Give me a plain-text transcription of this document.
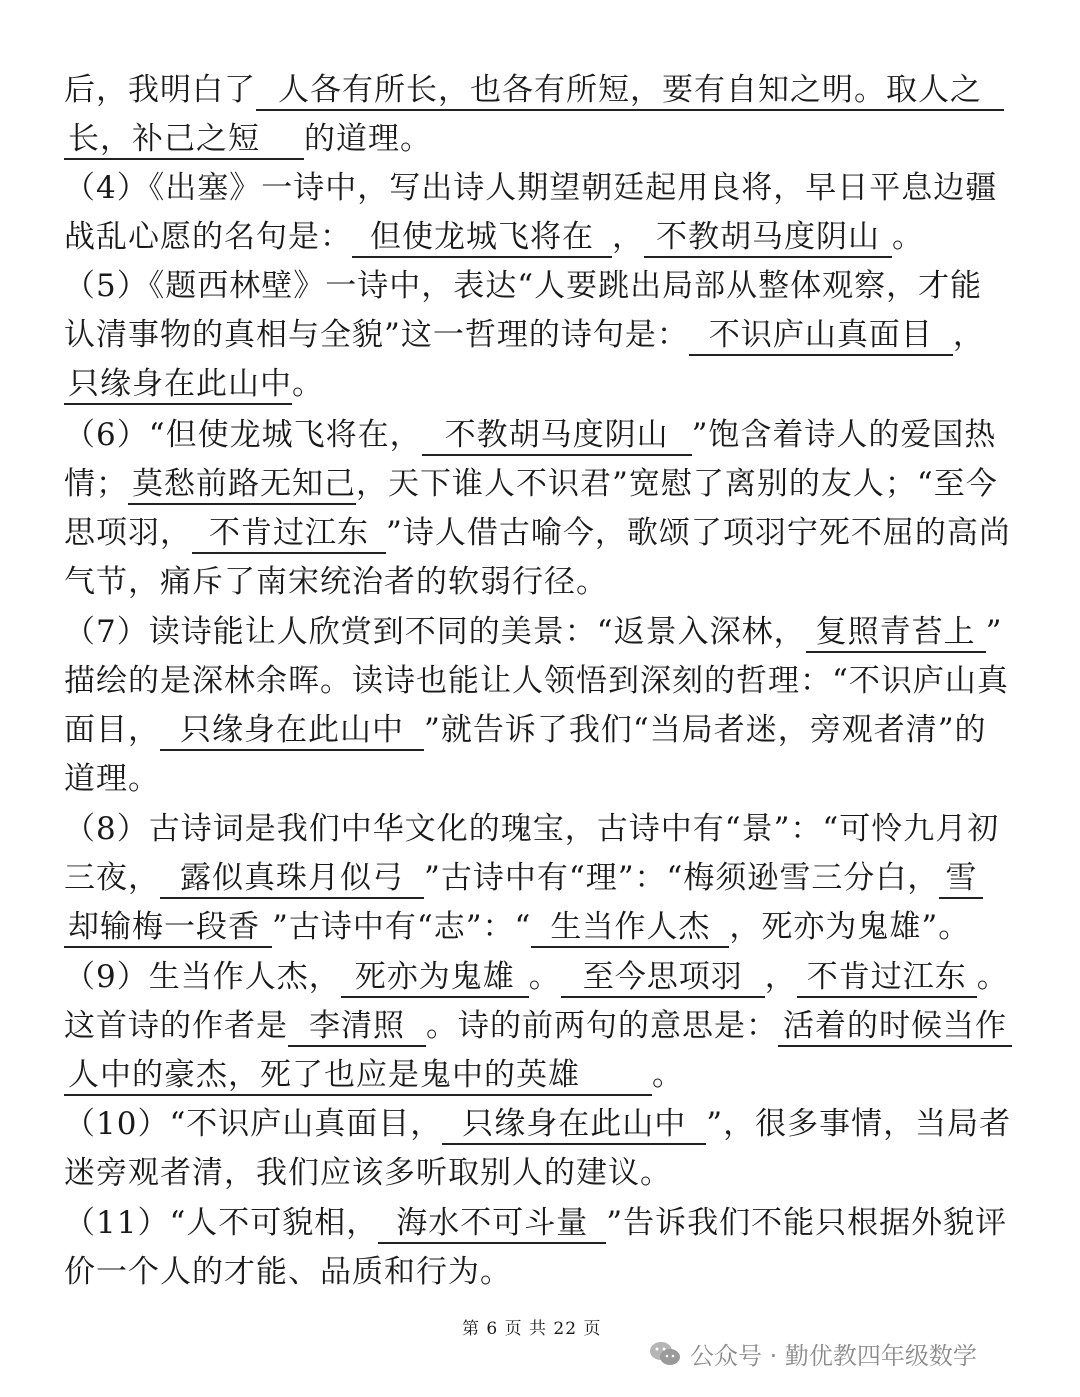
后，我明白了 人各有所长，也各有所短，要有自知之明。取人之
长，补己之短 的道理。
（4）《出塞》一诗中，写出诗人期望朝廷起用良将，早日平息边疆
战乱心愿的名句是： 但使龙城飞将在 ， 不教胡马度阴山 。
（5）《题西林壁》一诗中，表达“人要跳出局部从整体观察，才能
认清事物的真相与全貌”这一哲理的诗句是： 不识庐山真面目 ，
只缘身在此山中。
（6）“但使龙城飞将在， 不教胡马度阴山 ”饱含着诗人的爱国热
情； 莫愁前路无知己，天下谁人不识君”宽慰了离别的友人；“至今
思项羽， 不肯过江东 ”诗人借古喻今，歌颂了项羽宁死不屈的高尚
气节，痛斥了南宋统治者的软弱行径。
（7）读诗能让人欣赏到不同的美景：“返景入深林， 复照青苔上 ”
描绘的是深林余晖。读诗也能让人领悟到深刻的哲理：“不识庐山真
面目， 只缘身在此山中 ”就告诉了我们“当局者迷，旁观者清”的
道理。
（8）古诗词是我们中华文化的瑰宝，古诗中有“景”：“可怜九月初
三夜， 露似真珠月似弓 ”古诗中有“理”：“梅须逊雪三分白， 雪
却输梅一段香 ”古诗中有“志”：“ 生当作人杰 ，死亦为鬼雄”。
（9）生当作人杰， 死亦为鬼雄 。 至今思项羽 ， 不肯过江东 。
这首诗的作者是 李清照 。诗的前两句的意思是： 活着的时候当作
人中的豪杰，死了也应是鬼中的英雄 。
（10）“不识庐山真面目， 只缘身在此山中 ”，很多事情，当局者
迷旁观者清，我们应该多听取别人的建议。
（11）“人不可貌相， 海水不可斗量 ”告诉我们不能只根据外貌评
价一个人的才能、品质和行为。
第 6 页 共 22 页
公众号 · 勤优教四年级数学
